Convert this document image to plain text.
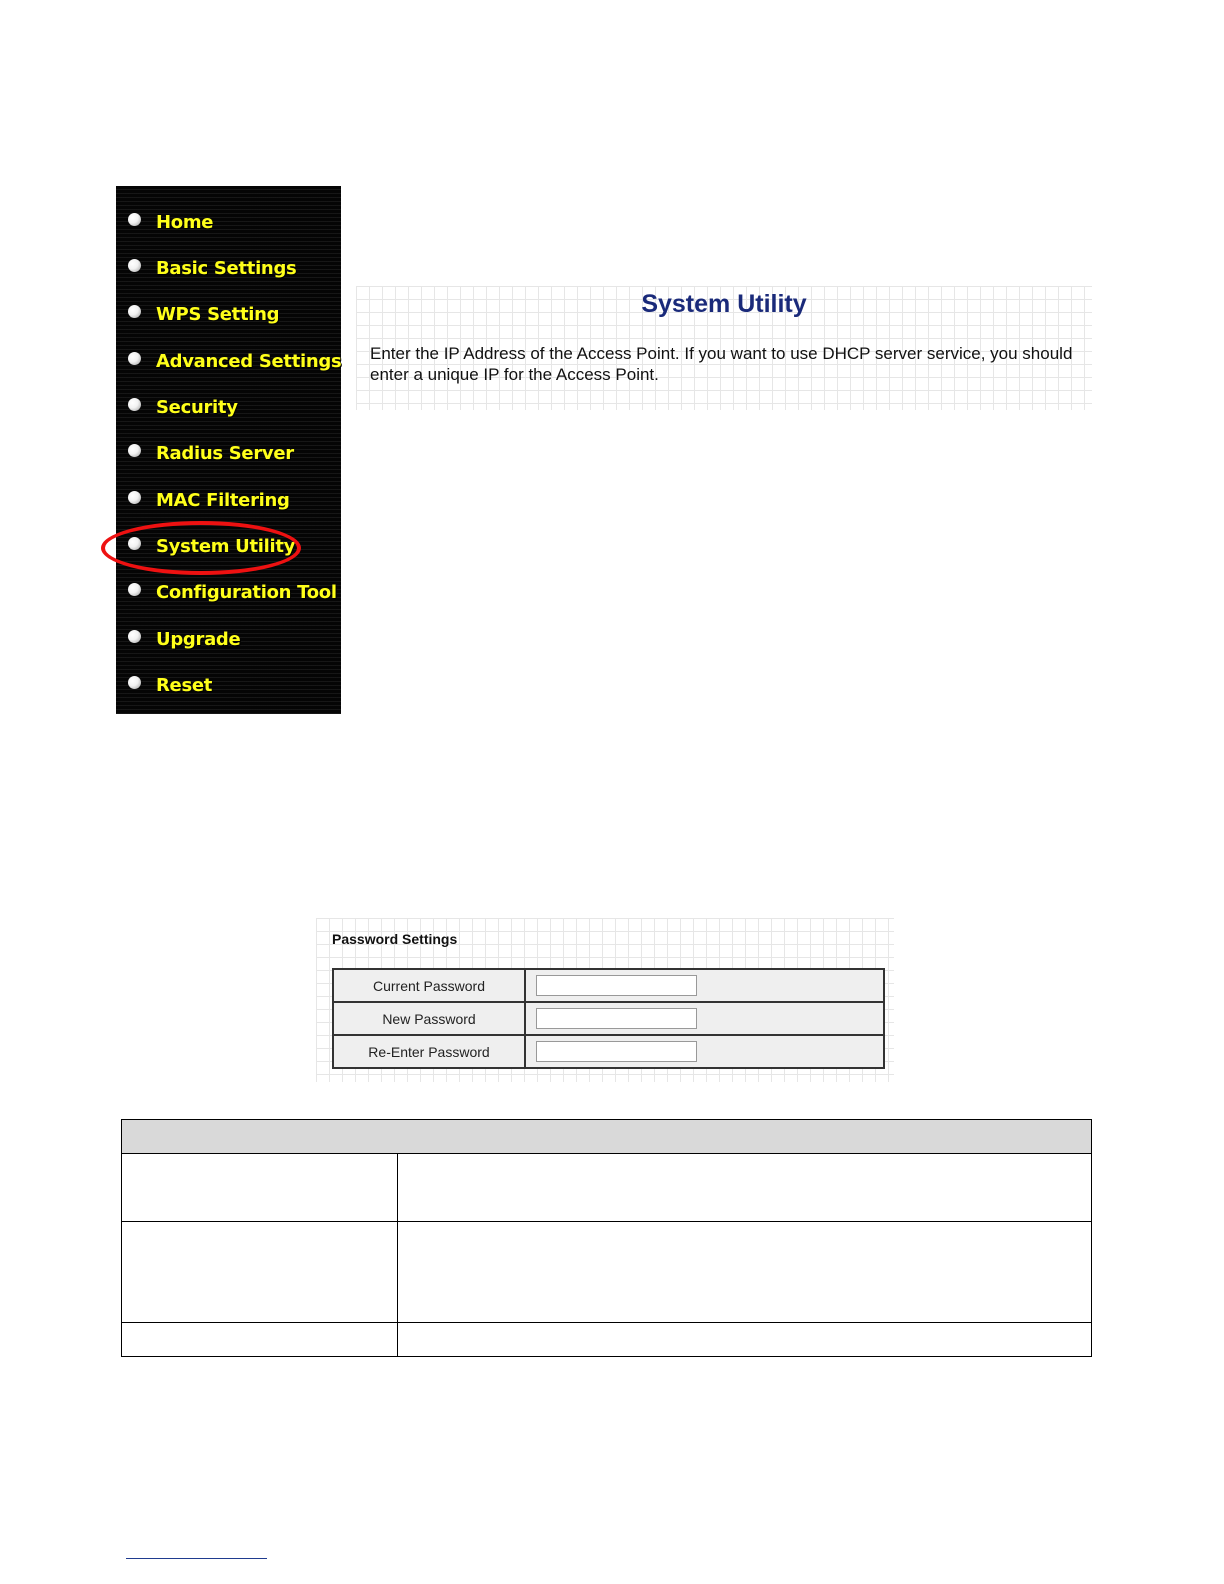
Home
Basic Settings
WPS Setting
Advanced Settings
Security
Radius Server
MAC Filtering
System Utility
Configuration Tool
Upgrade
Reset
System Utility
Enter the IP Address of the Access Point. If you want to use DHCP server service, you should enter a unique IP for the Access Point.
Password Settings
Current Password	

New Password	

Re-Enter Password	
